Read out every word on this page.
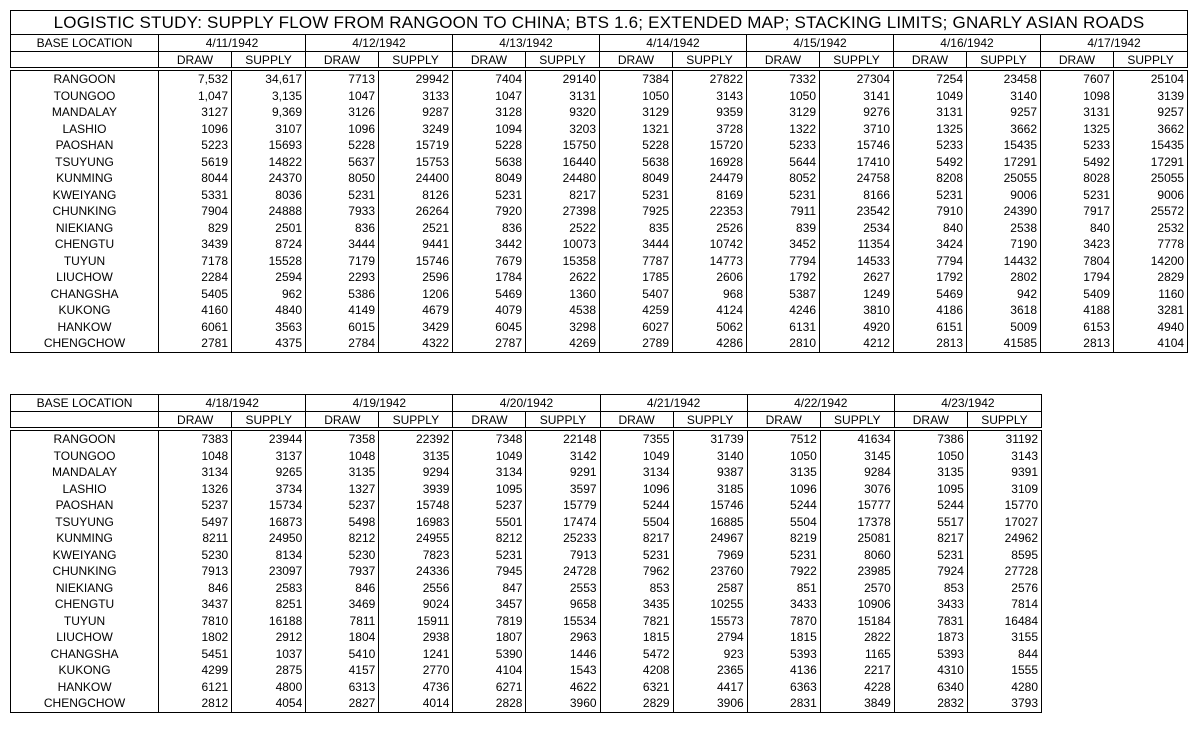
LOGISTIC STUDY: SUPPLY FLOW FROM RANGOON TO CHINA; BTS 1.6; EXTENDED MAP; STACKING LIMITS; GNARLY ASIAN ROADS														
BASE LOCATION	4/11/1942		4/12/1942		4/13/1942		4/14/1942		4/15/1942		4/16/1942		4/17/1942	
	DRAW	SUPPLY	DRAW	SUPPLY	DRAW	SUPPLY	DRAW	SUPPLY	DRAW	SUPPLY	DRAW	SUPPLY	DRAW	SUPPLY

RANGOON	7,532	34,617	7713	29942	7404	29140	7384	27822	7332	27304	7254	23458	7607	25104
TOUNGOO	1,047	3,135	1047	3133	1047	3131	1050	3143	1050	3141	1049	3140	1098	3139
MANDALAY	3127	9,369	3126	9287	3128	9320	3129	9359	3129	9276	3131	9257	3131	9257
LASHIO	1096	3107	1096	3249	1094	3203	1321	3728	1322	3710	1325	3662	1325	3662
PAOSHAN	5223	15693	5228	15719	5228	15750	5228	15720	5233	15746	5233	15435	5233	15435
TSUYUNG	5619	14822	5637	15753	5638	16440	5638	16928	5644	17410	5492	17291	5492	17291
KUNMING	8044	24370	8050	24400	8049	24480	8049	24479	8052	24758	8208	25055	8028	25055
KWEIYANG	5331	8036	5231	8126	5231	8217	5231	8169	5231	8166	5231	9006	5231	9006
CHUNKING	7904	24888	7933	26264	7920	27398	7925	22353	7911	23542	7910	24390	7917	25572
NIEKIANG	829	2501	836	2521	836	2522	835	2526	839	2534	840	2538	840	2532
CHENGTU	3439	8724	3444	9441	3442	10073	3444	10742	3452	11354	3424	7190	3423	7778
TUYUN	7178	15528	7179	15746	7679	15358	7787	14773	7794	14533	7794	14432	7804	14200
LIUCHOW	2284	2594	2293	2596	1784	2622	1785	2606	1792	2627	1792	2802	1794	2829
CHANGSHA	5405	962	5386	1206	5469	1360	5407	968	5387	1249	5469	942	5409	1160
KUKONG	4160	4840	4149	4679	4079	4538	4259	4124	4246	3810	4186	3618	4188	3281
HANKOW	6061	3563	6015	3429	6045	3298	6027	5062	6131	4920	6151	5009	6153	4940
CHENGCHOW	2781	4375	2784	4322	2787	4269	2789	4286	2810	4212	2813	41585	2813	4104
BASE LOCATION	4/18/1942		4/19/1942		4/20/1942		4/21/1942		4/22/1942		4/23/1942	
	DRAW	SUPPLY	DRAW	SUPPLY	DRAW	SUPPLY	DRAW	SUPPLY	DRAW	SUPPLY	DRAW	SUPPLY

RANGOON	7383	23944	7358	22392	7348	22148	7355	31739	7512	41634	7386	31192
TOUNGOO	1048	3137	1048	3135	1049	3142	1049	3140	1050	3145	1050	3143
MANDALAY	3134	9265	3135	9294	3134	9291	3134	9387	3135	9284	3135	9391
LASHIO	1326	3734	1327	3939	1095	3597	1096	3185	1096	3076	1095	3109
PAOSHAN	5237	15734	5237	15748	5237	15779	5244	15746	5244	15777	5244	15770
TSUYUNG	5497	16873	5498	16983	5501	17474	5504	16885	5504	17378	5517	17027
KUNMING	8211	24950	8212	24955	8212	25233	8217	24967	8219	25081	8217	24962
KWEIYANG	5230	8134	5230	7823	5231	7913	5231	7969	5231	8060	5231	8595
CHUNKING	7913	23097	7937	24336	7945	24728	7962	23760	7922	23985	7924	27728
NIEKIANG	846	2583	846	2556	847	2553	853	2587	851	2570	853	2576
CHENGTU	3437	8251	3469	9024	3457	9658	3435	10255	3433	10906	3433	7814
TUYUN	7810	16188	7811	15911	7819	15534	7821	15573	7870	15184	7831	16484
LIUCHOW	1802	2912	1804	2938	1807	2963	1815	2794	1815	2822	1873	3155
CHANGSHA	5451	1037	5410	1241	5390	1446	5472	923	5393	1165	5393	844
KUKONG	4299	2875	4157	2770	4104	1543	4208	2365	4136	2217	4310	1555
HANKOW	6121	4800	6313	4736	6271	4622	6321	4417	6363	4228	6340	4280
CHENGCHOW	2812	4054	2827	4014	2828	3960	2829	3906	2831	3849	2832	3793
